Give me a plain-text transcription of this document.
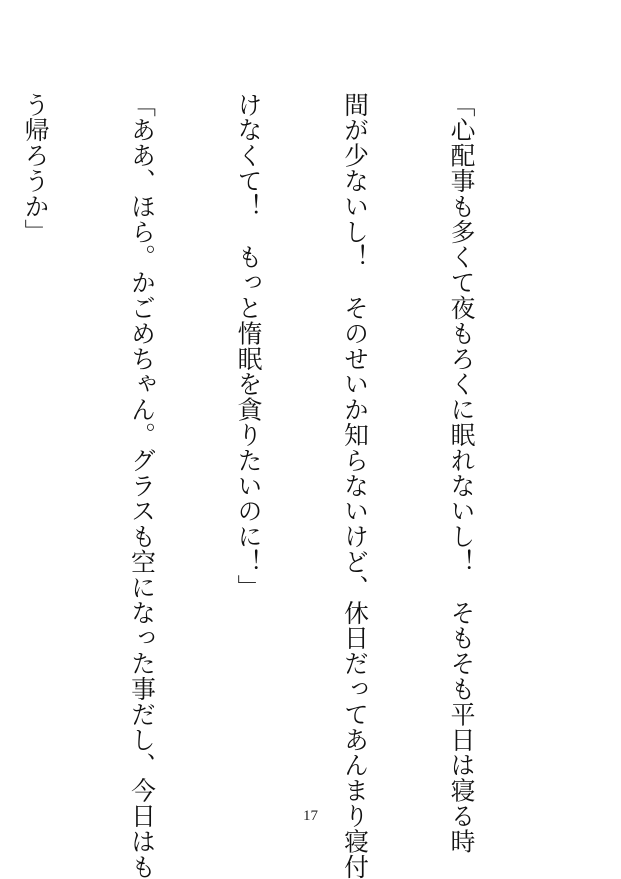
「心配事も多くて夜もろくに眠れないし！　そもそも平日は寝る時

間が少ないし！　そのせいか知らないけど、休日だってあんまり寝付

けなくて！　もっと惰眠を貪りたいのに！」

「ああ、ほら。かごめちゃん。グラスも空になった事だし、今日はも

う帰ろうか」

17
